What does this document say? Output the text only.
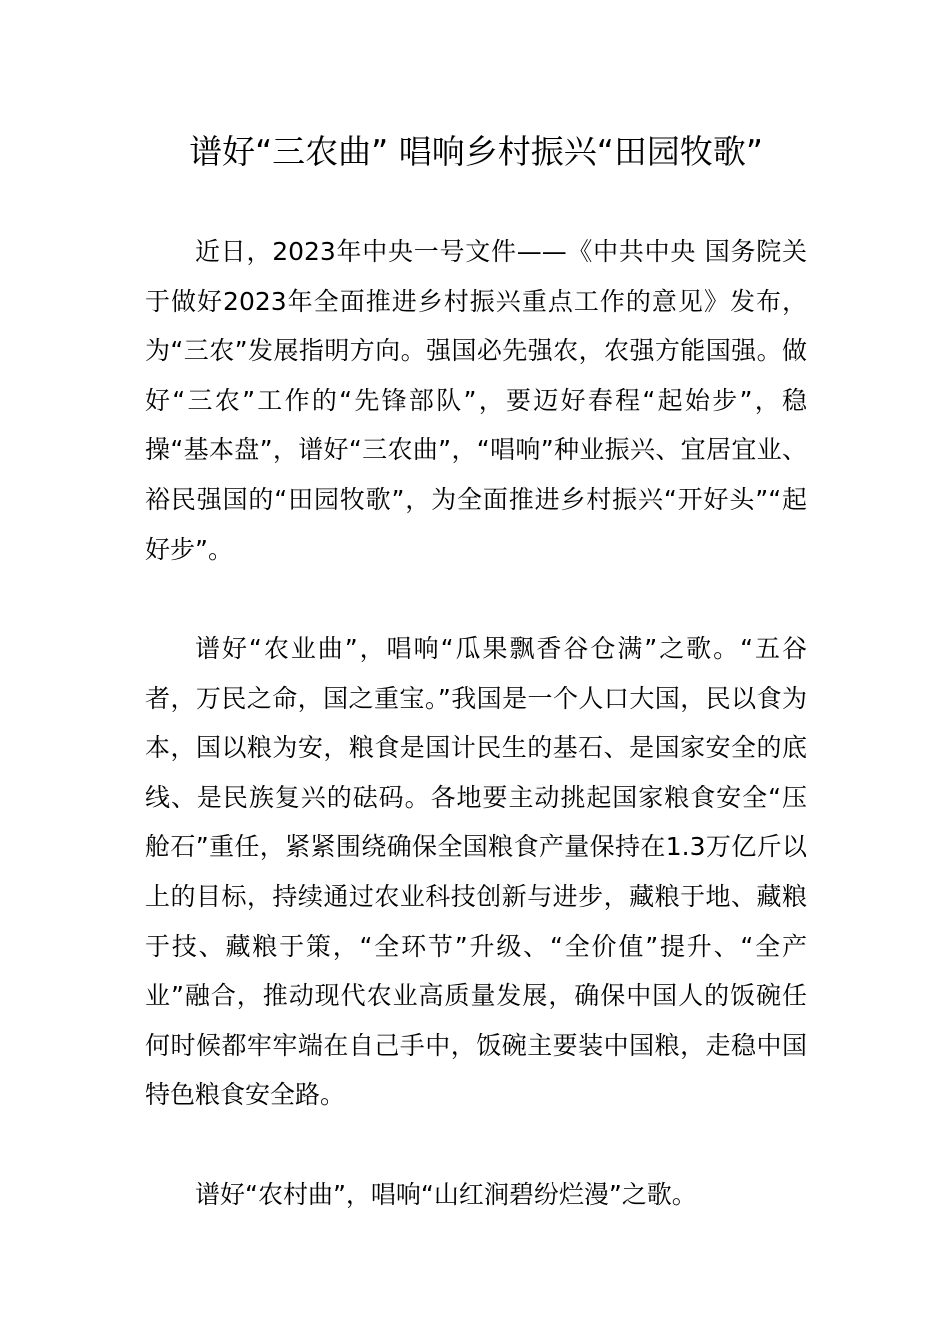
谱好“三农曲” 唱响乡村振兴“田园牧歌”

近日，2023年中央一号文件——《中共中央 国务院关于做好2023年全面推进乡村振兴重点工作的意见》发布，为“三农”发展指明方向。强国必先强农，农强方能国强。做好“三农”工作的“先锋部队”，要迈好春程“起始步”，稳操“基本盘”，谱好“三农曲”，“唱响”种业振兴、宜居宜业、裕民强国的“田园牧歌”，为全面推进乡村振兴“开好头”“起好步”。

谱好“农业曲”，唱响“瓜果飘香谷仓满”之歌。“五谷者，万民之命，国之重宝。”我国是一个人口大国，民以食为本，国以粮为安，粮食是国计民生的基石、是国家安全的底线、是民族复兴的砝码。各地要主动挑起国家粮食安全“压舱石”重任，紧紧围绕确保全国粮食产量保持在1.3万亿斤以上的目标，持续通过农业科技创新与进步，藏粮于地、藏粮于技、藏粮于策，“全环节”升级、“全价值”提升、“全产业”融合，推动现代农业高质量发展，确保中国人的饭碗任何时候都牢牢端在自己手中，饭碗主要装中国粮，走稳中国特色粮食安全路。

谱好“农村曲”，唱响“山红涧碧纷烂漫”之歌。
